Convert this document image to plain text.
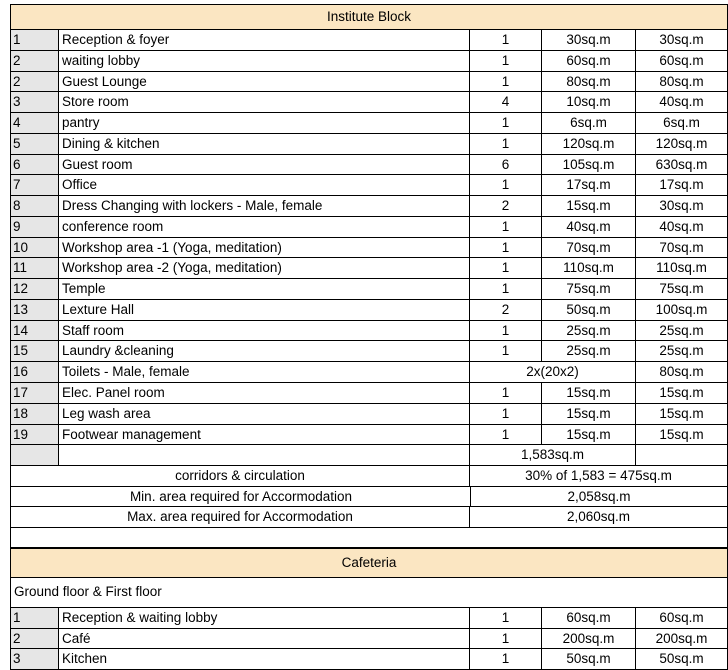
Institute Block
1	Reception & foyer	1	30sq.m	30sq.m
2	waiting lobby	1	60sq.m	60sq.m
2	Guest Lounge	1	80sq.m	80sq.m
3	Store room	4	10sq.m	40sq.m
4	pantry	1	6sq.m	6sq.m
5	Dining & kitchen	1	120sq.m	120sq.m
6	Guest room	6	105sq.m	630sq.m
7	Office	1	17sq.m	17sq.m
8	Dress Changing with lockers - Male, female	2	15sq.m	30sq.m
9	conference room	1	40sq.m	40sq.m
10	Workshop area -1 (Yoga, meditation)	1	70sq.m	70sq.m
11	Workshop area -2 (Yoga, meditation)	1	110sq.m	110sq.m
12	Temple	1	75sq.m	75sq.m
13	Lexture Hall	2	50sq.m	100sq.m
14	Staff room	1	25sq.m	25sq.m
15	Laundry &cleaning	1	25sq.m	25sq.m
16	Toilets - Male, female	2x(20x2)	80sq.m
17	Elec. Panel room	1	15sq.m	15sq.m
18	Leg wash area	1	15sq.m	15sq.m
19	Footwear management	1	15sq.m	15sq.m
1,583sq.m
corridors & circulation	30% of 1,583 = 475sq.m
Min. area required for Accormodation	2,058sq.m
Max. area required for Accormodation	2,060sq.m
Cafeteria
Ground floor & First floor
1	Reception & waiting lobby	1	60sq.m	60sq.m
2	Café	1	200sq.m	200sq.m
3	Kitchen	1	50sq.m	50sq.m
